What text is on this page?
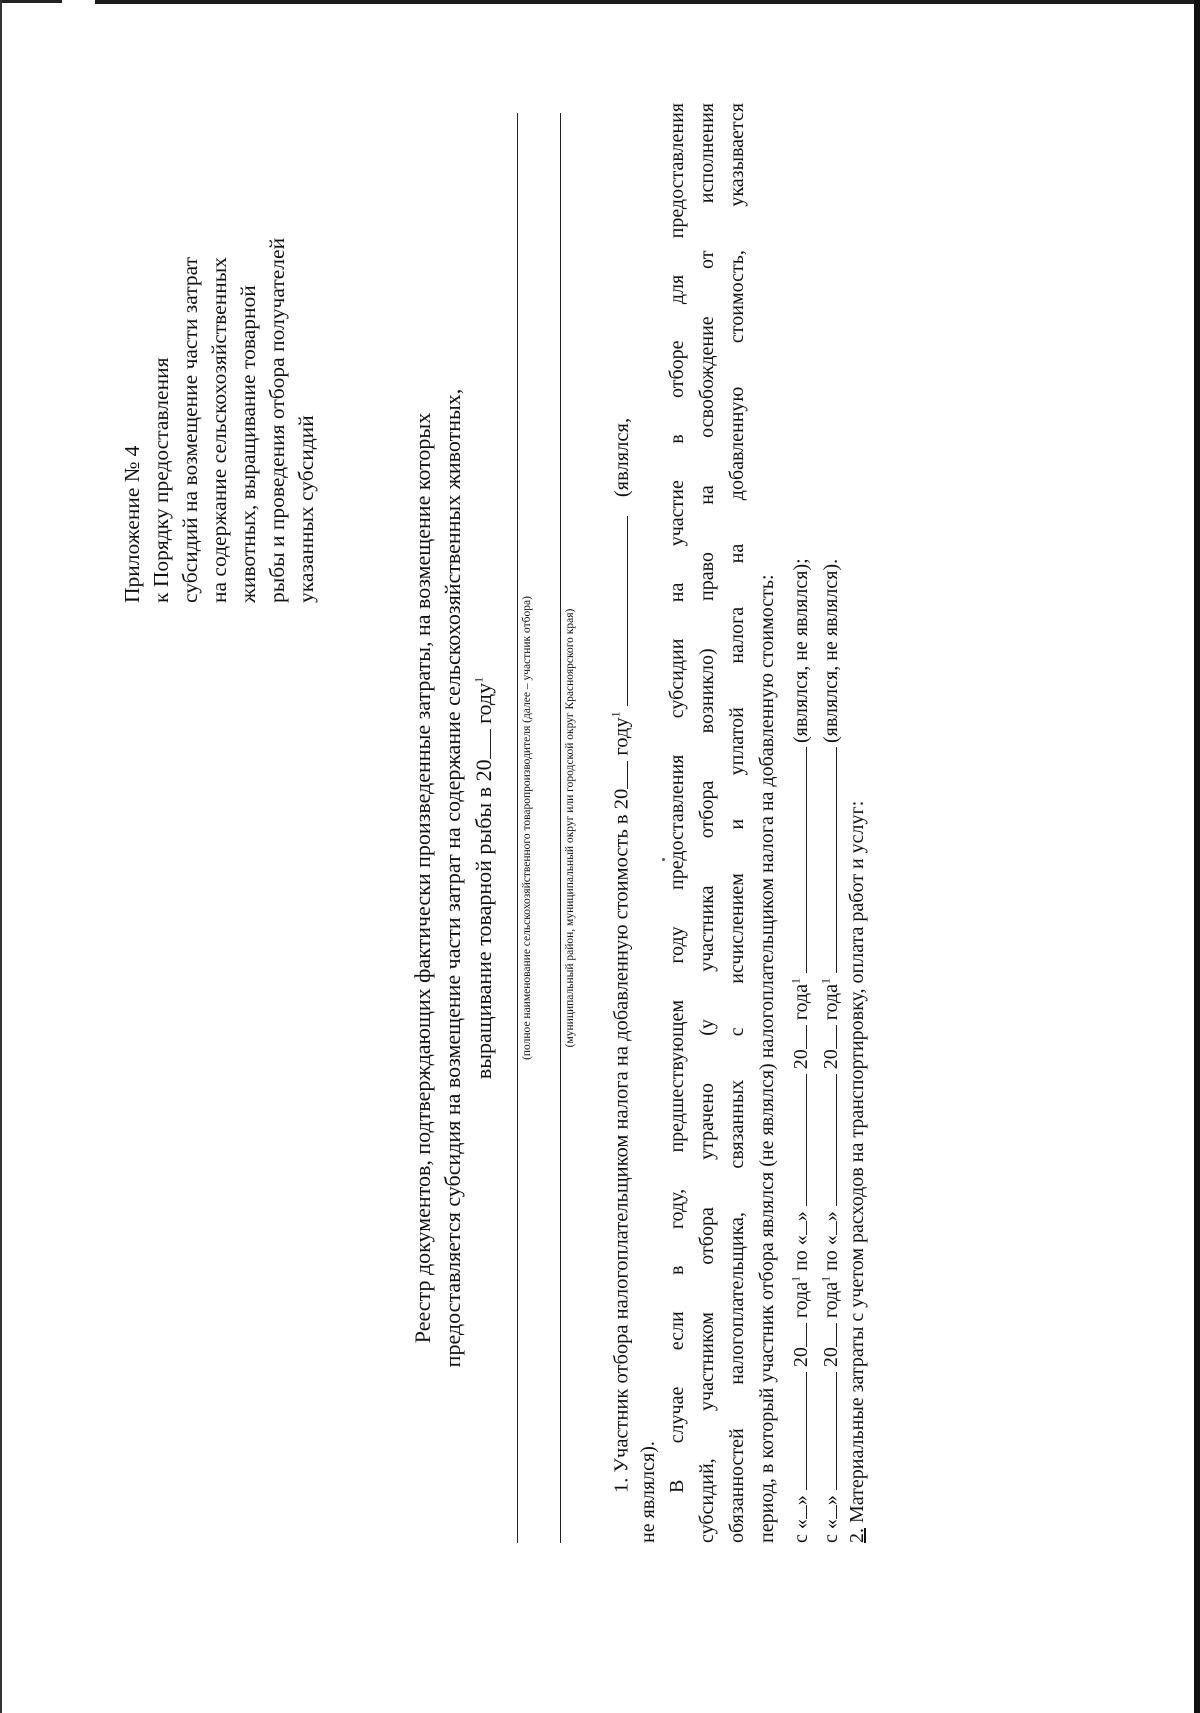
Приложение № 4 к Порядку предоставления субсидий на возмещение части затрат на содержание сельскохозяйственных животных, выращивание товарной рыбы и проведения отбора получателей указанных субсидий	Реестр документов, подтверждающих фактически произведенные затраты, на возмещение которых предоставляется субсидия на возмещение части затрат на содержание сельскохозяйственных животных, выращивание товарной рыбы в 20 году$^1$	(полное наименование сельскохозяйственного товаропроизводителя (далее – участник отбора)	(муниципальный район, муниципальный округ или городской округ Красноярского края) 1. Участник отбора налогоплательщиком налога на добавленную стоимость в 20 году$^1$  (являлся,
не являлся). В случае если в году, предшествующем году предоставления субсидии на участие в отборе для предоставления субсидий, участником отбора утрачено (у участника отбора возникло) право на освобождение от исполнения обязанностей налогоплательщика, связанных с исчислением и уплатой налога на добавленную стоимость, указывается период, в который участник отбора являлся (не являлся) налогоплательщиком налога на добавленную стоимость: с «»  20 года$^1$ по «»  20 года$^1$ (являлся, не являлся);
с «»  20 года$^1$ по «»  20 года$^1$ (являлся, не являлся).
2. Материальные затраты с учетом расходов на транспортировку, оплата работ и услуг:
